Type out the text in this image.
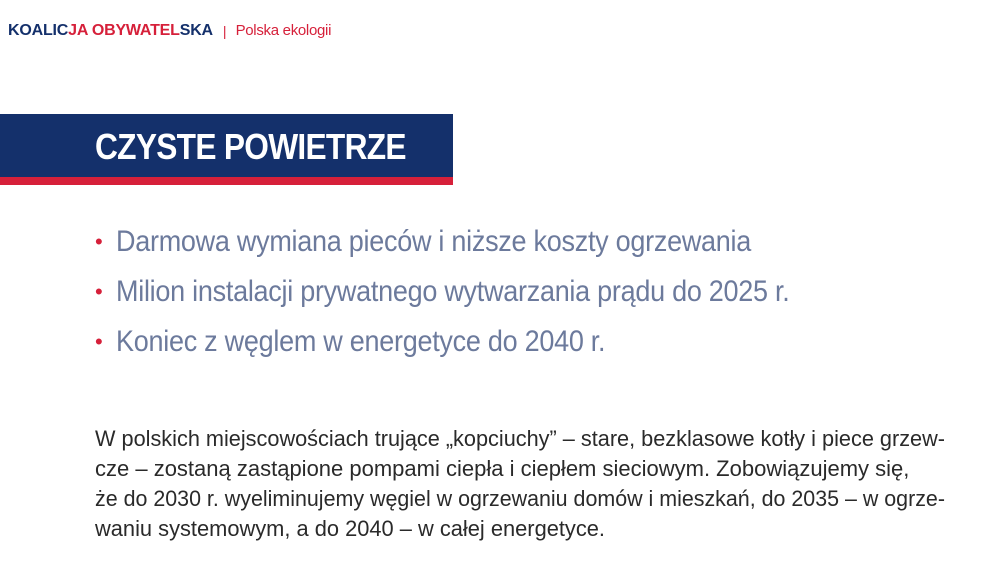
KOALICJA OBYWATELSKA | Polska ekologii
CZYSTE POWIETRZE
• Darmowa wymiana pieców i niższe koszty ogrzewania
• Milion instalacji prywatnego wytwarzania prądu do 2025 r.
• Koniec z węglem w energetyce do 2040 r.
W polskich miejscowościach trujące „kopciuchy” – stare, bezklasowe kotły i piece grzew-
cze – zostaną zastąpione pompami ciepła i ciepłem sieciowym. Zobowiązujemy się,
że do 2030 r. wyeliminujemy węgiel w ogrzewaniu domów i mieszkań, do 2035 – w ogrze-
waniu systemowym, a do 2040 – w całej energetyce.
